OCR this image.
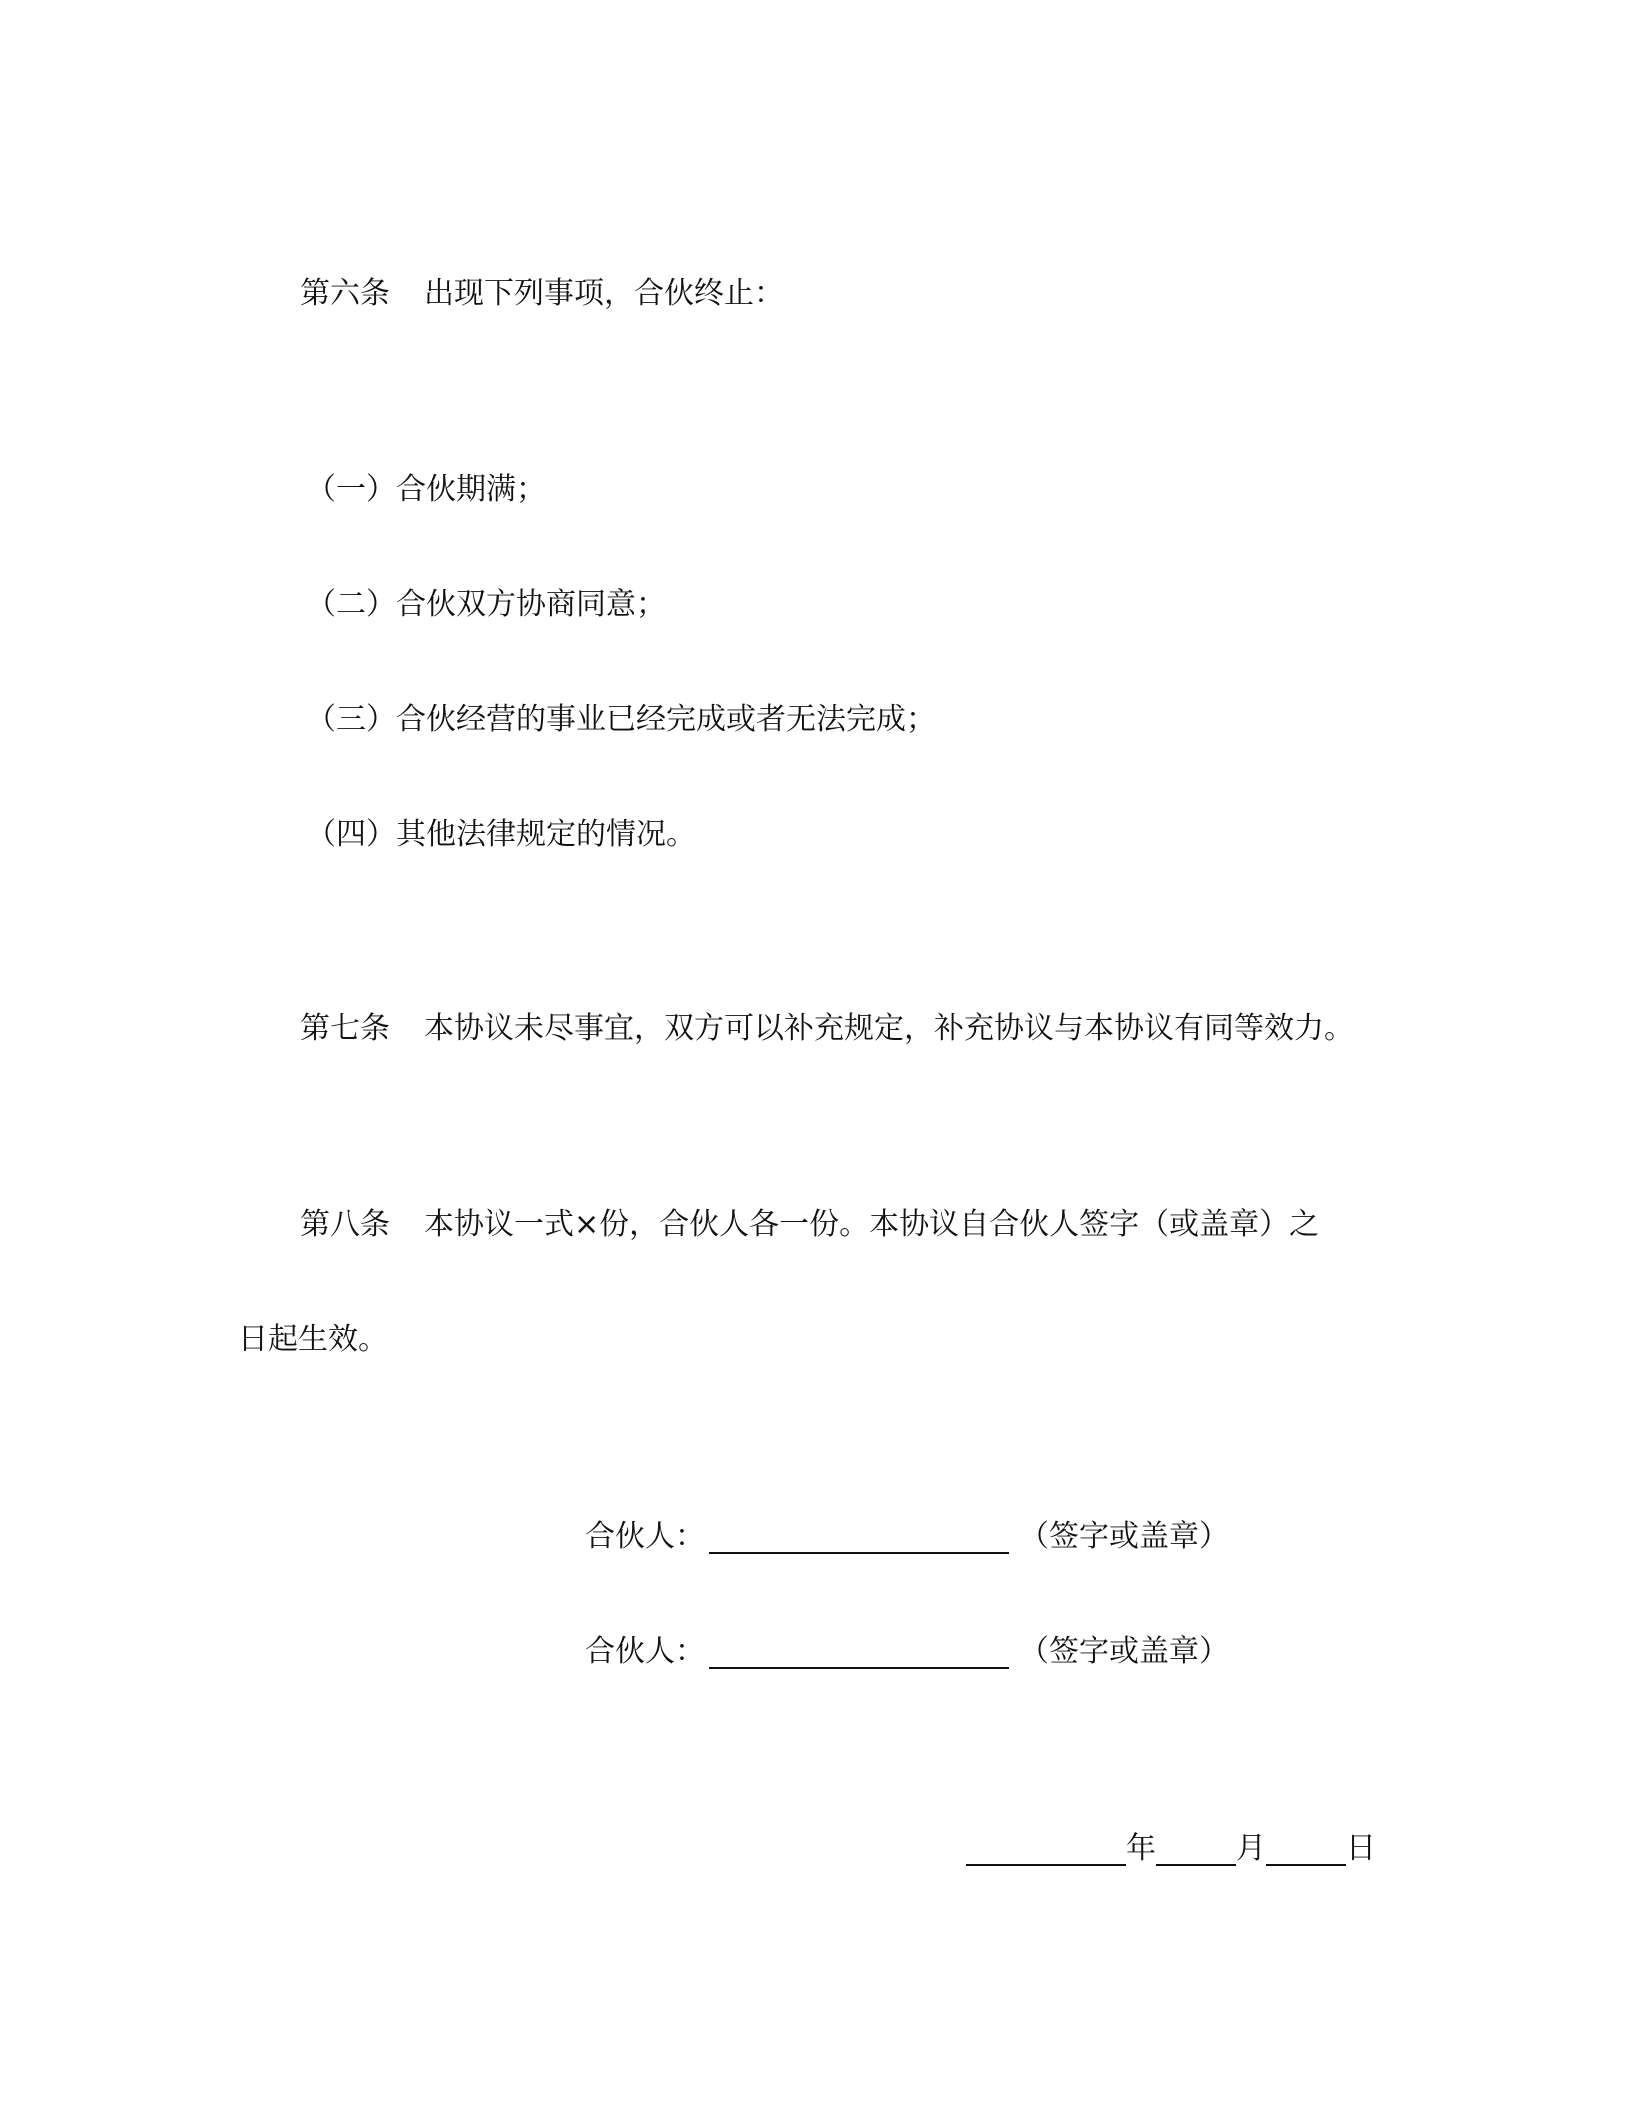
第六条 出现下列事项，合伙终止：
（一）合伙期满；
（二）合伙双方协商同意；
（三）合伙经营的事业已经完成或者无法完成；
（四）其他法律规定的情况。
第七条 本协议未尽事宜，双方可以补充规定，补充协议与本协议有同等效力。
第八条 本协议一式×份，合伙人各一份。本协议自合伙人签字（或盖章）之
日起生效。
合伙人：	（签字或盖章）
合伙人：	（签字或盖章）
年	月	日
